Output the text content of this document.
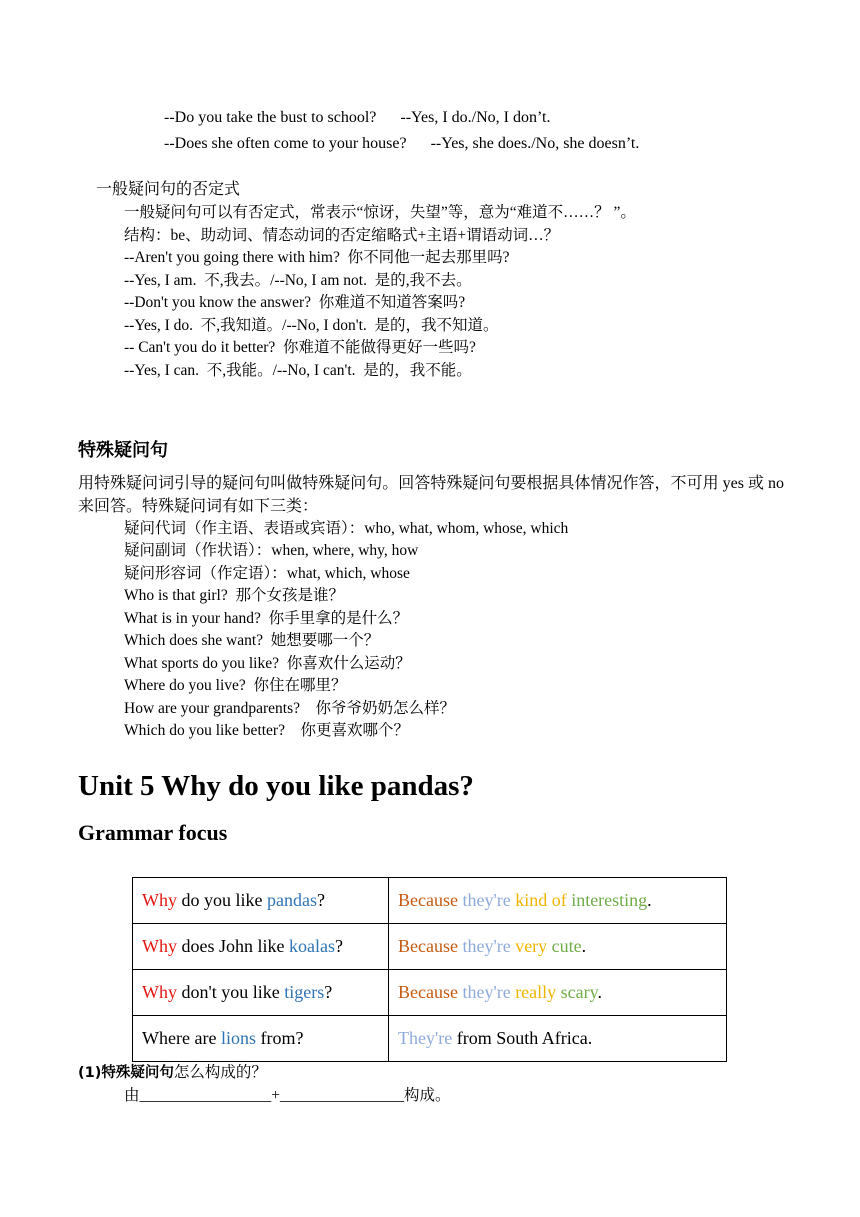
--Do you take the bust to school?      --Yes, I do./No, I don’t.
--Does she often come to your house?      --Yes, she does./No, she doesn’t.
一般疑问句的否定式
一般疑问句可以有否定式，常表示“惊讶，失望”等，意为“难道不……？ ”。
结构：be、助动词、情态动词的否定缩略式+主语+谓语动词…？
--Aren't you going there with him?  你不同他一起去那里吗?
--Yes, I am.  不,我去。/--No, I am not.  是的,我不去。
--Don't you know the answer?  你难道不知道答案吗?
--Yes, I do.  不,我知道。/--No, I don't.  是的，我不知道。
-- Can't you do it better?  你难道不能做得更好一些吗?
--Yes, I can.  不,我能。/--No, I can't.  是的，我不能。
特殊疑问句
用特殊疑问词引导的疑问句叫做特殊疑问句。回答特殊疑问句要根据具体情况作答，不可用 yes 或 no 来回答。特殊疑问词有如下三类：
疑问代词（作主语、表语或宾语）：who, what, whom, whose, which
疑问副词（作状语）：when, where, why, how
疑问形容词（作定语）：what, which, whose
Who is that girl?  那个女孩是谁？
What is in your hand?  你手里拿的是什么？
Which does she want?  她想要哪一个？
What sports do you like?  你喜欢什么运动？
Where do you live?  你住在哪里？
How are your grandparents?    你爷爷奶奶怎么样？
Which do you like better?    你更喜欢哪个？
Unit 5 Why do you like pandas?
Grammar focus
Why do you like pandas?	Because they're kind of interesting.
Why does John like koalas?	Because they're very cute.
Why don't you like tigers?	Because they're really scary.
Where are lions from?	They're from South Africa.
(1)特殊疑问句怎么构成的？
由_________________+________________构成。
